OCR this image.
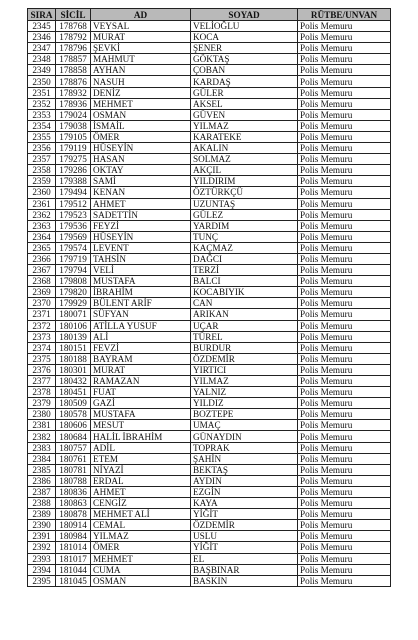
SIRA	SİCİL	AD	SOYAD	RÜTBE/UNVAN
2345	178768	VEYSAL	VELİOĞLU	Polis Memuru
2346	178792	MURAT	KOCA	Polis Memuru
2347	178796	ŞEVKİ	ŞENER	Polis Memuru
2348	178857	MAHMUT	GÖKTAŞ	Polis Memuru
2349	178858	AYHAN	ÇOBAN	Polis Memuru
2350	178876	NASUH	KARDAŞ	Polis Memuru
2351	178932	DENİZ	GÜLER	Polis Memuru
2352	178936	MEHMET	AKSEL	Polis Memuru
2353	179024	OSMAN	GÜVEN	Polis Memuru
2354	179038	İSMAİL	YILMAZ	Polis Memuru
2355	179105	ÖMER	KARATEKE	Polis Memuru
2356	179119	HÜSEYİN	AKALIN	Polis Memuru
2357	179275	HASAN	SOLMAZ	Polis Memuru
2358	179286	OKTAY	AKÇIL	Polis Memuru
2359	179388	SAMİ	YILDIRIM	Polis Memuru
2360	179494	KENAN	ÖZTÜRKÇÜ	Polis Memuru
2361	179512	AHMET	UZUNTAŞ	Polis Memuru
2362	179523	SADETTİN	GÜLEZ	Polis Memuru
2363	179536	FEYZİ	YARDIM	Polis Memuru
2364	179569	HÜSEYİN	TUNÇ	Polis Memuru
2365	179574	LEVENT	KAÇMAZ	Polis Memuru
2366	179719	TAHSİN	DAĞCI	Polis Memuru
2367	179794	VELİ	TERZİ	Polis Memuru
2368	179808	MUSTAFA	BALCI	Polis Memuru
2369	179820	İBRAHİM	KOCABIYIK	Polis Memuru
2370	179929	BÜLENT ARİF	CAN	Polis Memuru
2371	180071	SÜFYAN	ARIKAN	Polis Memuru
2372	180106	ATİLLA YUSUF	UÇAR	Polis Memuru
2373	180139	ALİ	TÜREL	Polis Memuru
2374	180151	FEVZİ	BURDUR	Polis Memuru
2375	180188	BAYRAM	ÖZDEMİR	Polis Memuru
2376	180301	MURAT	YIRTICI	Polis Memuru
2377	180432	RAMAZAN	YILMAZ	Polis Memuru
2378	180451	FUAT	YALNIZ	Polis Memuru
2379	180509	GAZİ	YILDIZ	Polis Memuru
2380	180578	MUSTAFA	BOZTEPE	Polis Memuru
2381	180606	MESUT	UMAÇ	Polis Memuru
2382	180684	HALİL İBRAHİM	GÜNAYDIN	Polis Memuru
2383	180757	ADİL	TOPRAK	Polis Memuru
2384	180761	ETEM	ŞAHİN	Polis Memuru
2385	180781	NİYAZİ	BEKTAŞ	Polis Memuru
2386	180788	ERDAL	AYDIN	Polis Memuru
2387	180836	AHMET	EZGİN	Polis Memuru
2388	180863	CENGİZ	KAYA	Polis Memuru
2389	180878	MEHMET ALİ	YİĞİT	Polis Memuru
2390	180914	CEMAL	ÖZDEMİR	Polis Memuru
2391	180984	YILMAZ	USLU	Polis Memuru
2392	181014	ÖMER	YİĞİT	Polis Memuru
2393	181017	MEHMET	EL	Polis Memuru
2394	181044	CUMA	BAŞBINAR	Polis Memuru
2395	181045	OSMAN	BASKIN	Polis Memuru
